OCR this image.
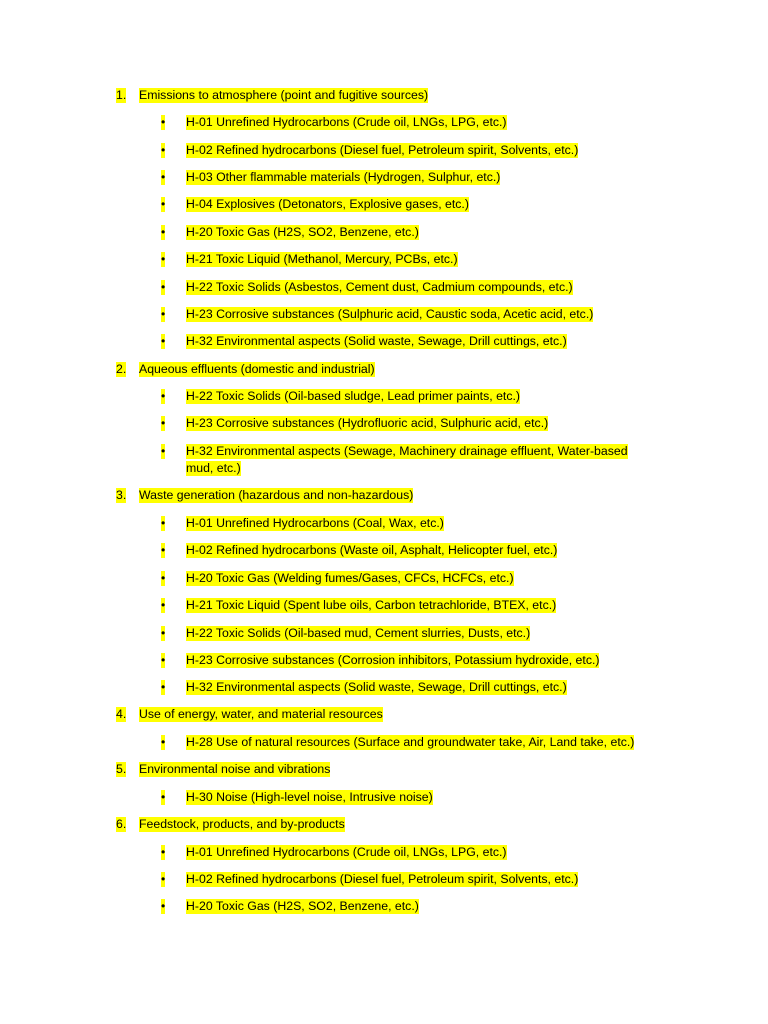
1. Emissions to atmosphere (point and fugitive sources)
• H-01 Unrefined Hydrocarbons (Crude oil, LNGs, LPG, etc.)
• H-02 Refined hydrocarbons (Diesel fuel, Petroleum spirit, Solvents, etc.)
• H-03 Other flammable materials (Hydrogen, Sulphur, etc.)
• H-04 Explosives (Detonators, Explosive gases, etc.)
• H-20 Toxic Gas (H2S, SO2, Benzene, etc.)
• H-21 Toxic Liquid (Methanol, Mercury, PCBs, etc.)
• H-22 Toxic Solids (Asbestos, Cement dust, Cadmium compounds, etc.)
• H-23 Corrosive substances (Sulphuric acid, Caustic soda, Acetic acid, etc.)
• H-32 Environmental aspects (Solid waste, Sewage, Drill cuttings, etc.)
2. Aqueous effluents (domestic and industrial)
• H-22 Toxic Solids (Oil-based sludge, Lead primer paints, etc.)
• H-23 Corrosive substances (Hydrofluoric acid, Sulphuric acid, etc.)
• H-32 Environmental aspects (Sewage, Machinery drainage effluent, Water-based
mud, etc.)
3. Waste generation (hazardous and non-hazardous)
• H-01 Unrefined Hydrocarbons (Coal, Wax, etc.)
• H-02 Refined hydrocarbons (Waste oil, Asphalt, Helicopter fuel, etc.)
• H-20 Toxic Gas (Welding fumes/Gases, CFCs, HCFCs, etc.)
• H-21 Toxic Liquid (Spent lube oils, Carbon tetrachloride, BTEX, etc.)
• H-22 Toxic Solids (Oil-based mud, Cement slurries, Dusts, etc.)
• H-23 Corrosive substances (Corrosion inhibitors, Potassium hydroxide, etc.)
• H-32 Environmental aspects (Solid waste, Sewage, Drill cuttings, etc.)
4. Use of energy, water, and material resources
• H-28 Use of natural resources (Surface and groundwater take, Air, Land take, etc.)
5. Environmental noise and vibrations
• H-30 Noise (High-level noise, Intrusive noise)
6. Feedstock, products, and by-products
• H-01 Unrefined Hydrocarbons (Crude oil, LNGs, LPG, etc.)
• H-02 Refined hydrocarbons (Diesel fuel, Petroleum spirit, Solvents, etc.)
• H-20 Toxic Gas (H2S, SO2, Benzene, etc.)
